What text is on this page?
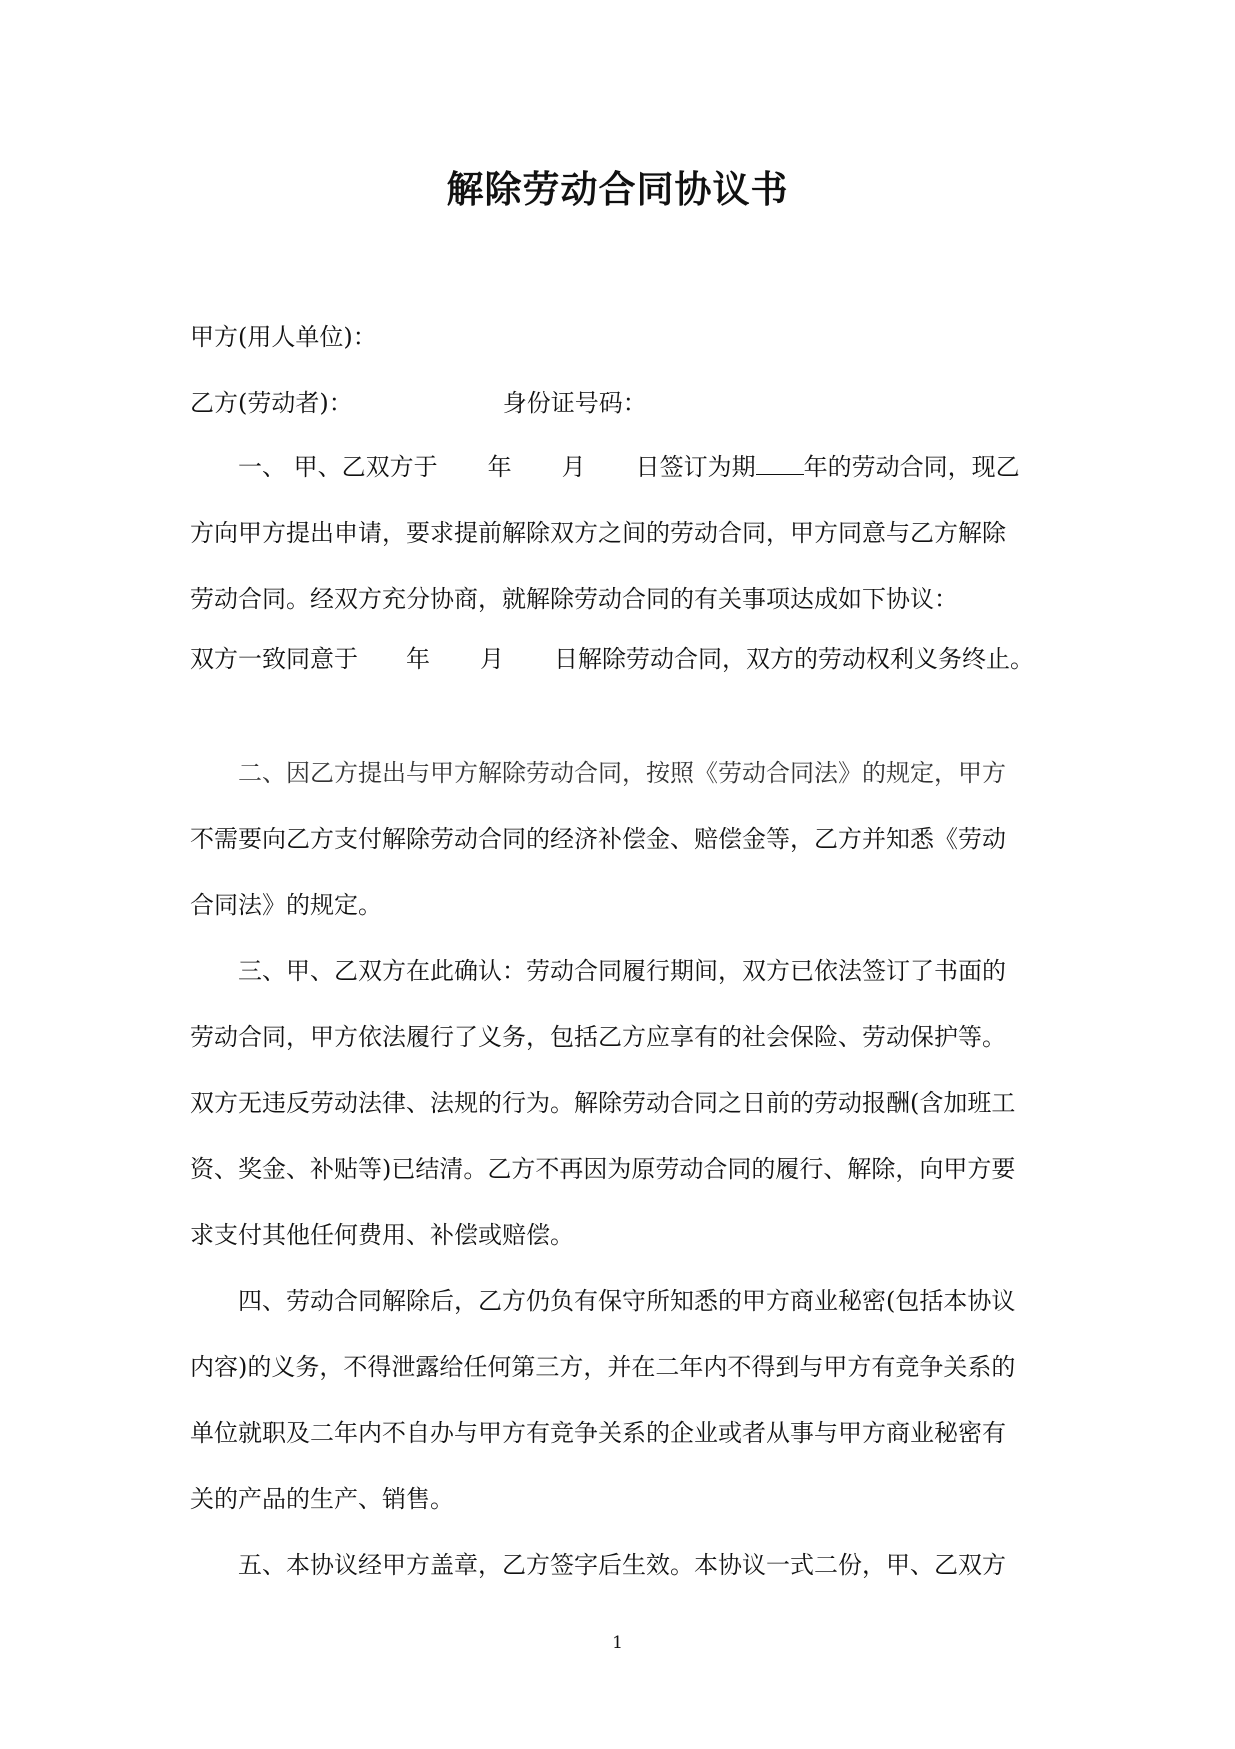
解除劳动合同协议书
甲方(用人单位)：
乙方(劳动者)：	身份证号码：
一、 甲、乙双方于 年 月 日签订为期 年的劳动合同，现乙
方向甲方提出申请，要求提前解除双方之间的劳动合同，甲方同意与乙方解除
劳动合同。经双方充分协商，就解除劳动合同的有关事项达成如下协议：
双方一致同意于 年 月 日解除劳动合同，双方的劳动权利义务终止。
二、因乙方提出与甲方解除劳动合同，按照《劳动合同法》的规定，甲方
不需要向乙方支付解除劳动合同的经济补偿金、赔偿金等，乙方并知悉《劳动
合同法》的规定。
三、甲、乙双方在此确认：劳动合同履行期间，双方已依法签订了书面的
劳动合同，甲方依法履行了义务，包括乙方应享有的社会保险、劳动保护等。
双方无违反劳动法律、法规的行为。解除劳动合同之日前的劳动报酬(含加班工
资、奖金、补贴等)已结清。乙方不再因为原劳动合同的履行、解除，向甲方要
求支付其他任何费用、补偿或赔偿。
四、劳动合同解除后，乙方仍负有保守所知悉的甲方商业秘密(包括本协议
内容)的义务，不得泄露给任何第三方，并在二年内不得到与甲方有竞争关系的
单位就职及二年内不自办与甲方有竞争关系的企业或者从事与甲方商业秘密有
关的产品的生产、销售。
五、本协议经甲方盖章，乙方签字后生效。本协议一式二份，甲、乙双方
1
